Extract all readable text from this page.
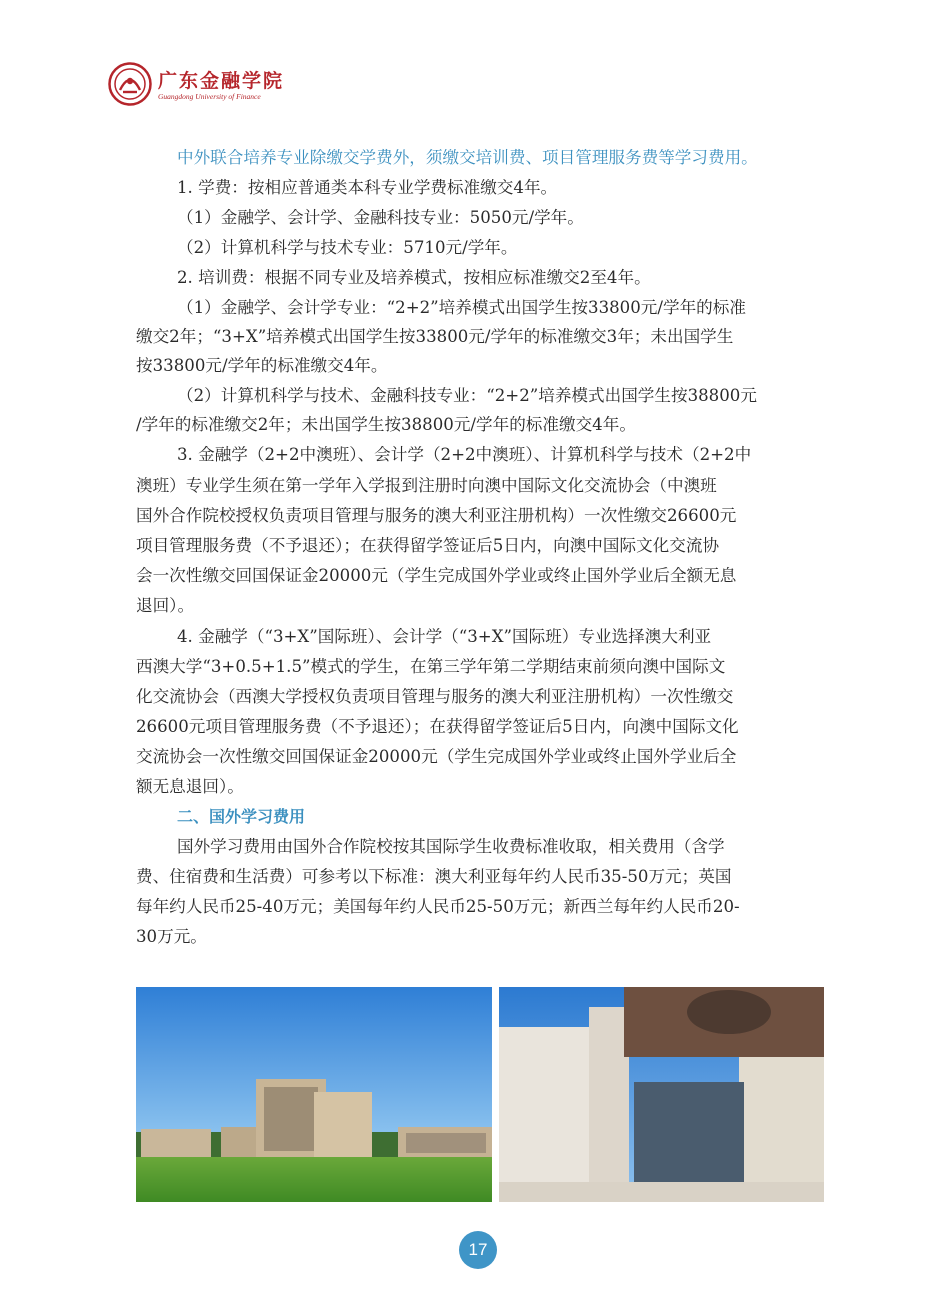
广东金融学院
Guangdong University of Finance
中外联合培养专业除缴交学费外，须缴交培训费、项目管理服务费等学习费用。
1. 学费：按相应普通类本科专业学费标准缴交4年。
（1）金融学、会计学、金融科技专业：5050元/学年。
（2）计算机科学与技术专业：5710元/学年。
2. 培训费：根据不同专业及培养模式，按相应标准缴交2至4年。
（1）金融学、会计学专业：“2+2”培养模式出国学生按33800元/学年的标准
缴交2年；“3+X”培养模式出国学生按33800元/学年的标准缴交3年；未出国学生
按33800元/学年的标准缴交4年。
（2）计算机科学与技术、金融科技专业：“2+2”培养模式出国学生按38800元
/学年的标准缴交2年；未出国学生按38800元/学年的标准缴交4年。
3. 金融学（2+2中澳班）、会计学（2+2中澳班）、计算机科学与技术（2+2中
澳班）专业学生须在第一学年入学报到注册时向澳中国际文化交流协会（中澳班
国外合作院校授权负责项目管理与服务的澳大利亚注册机构）一次性缴交26600元
项目管理服务费（不予退还）；在获得留学签证后5日内，向澳中国际文化交流协
会一次性缴交回国保证金20000元（学生完成国外学业或终止国外学业后全额无息
退回）。
4. 金融学（“3+X”国际班）、会计学（“3+X”国际班）专业选择澳大利亚
西澳大学“3+0.5+1.5”模式的学生，在第三学年第二学期结束前须向澳中国际文
化交流协会（西澳大学授权负责项目管理与服务的澳大利亚注册机构）一次性缴交
26600元项目管理服务费（不予退还）；在获得留学签证后5日内，向澳中国际文化
交流协会一次性缴交回国保证金20000元（学生完成国外学业或终止国外学业后全
额无息退回）。
二、国外学习费用
国外学习费用由国外合作院校按其国际学生收费标准收取，相关费用（含学
费、住宿费和生活费）可参考以下标准：澳大利亚每年约人民币35-50万元；英国
每年约人民币25-40万元；美国每年约人民币25-50万元；新西兰每年约人民币20-
30万元。
17
